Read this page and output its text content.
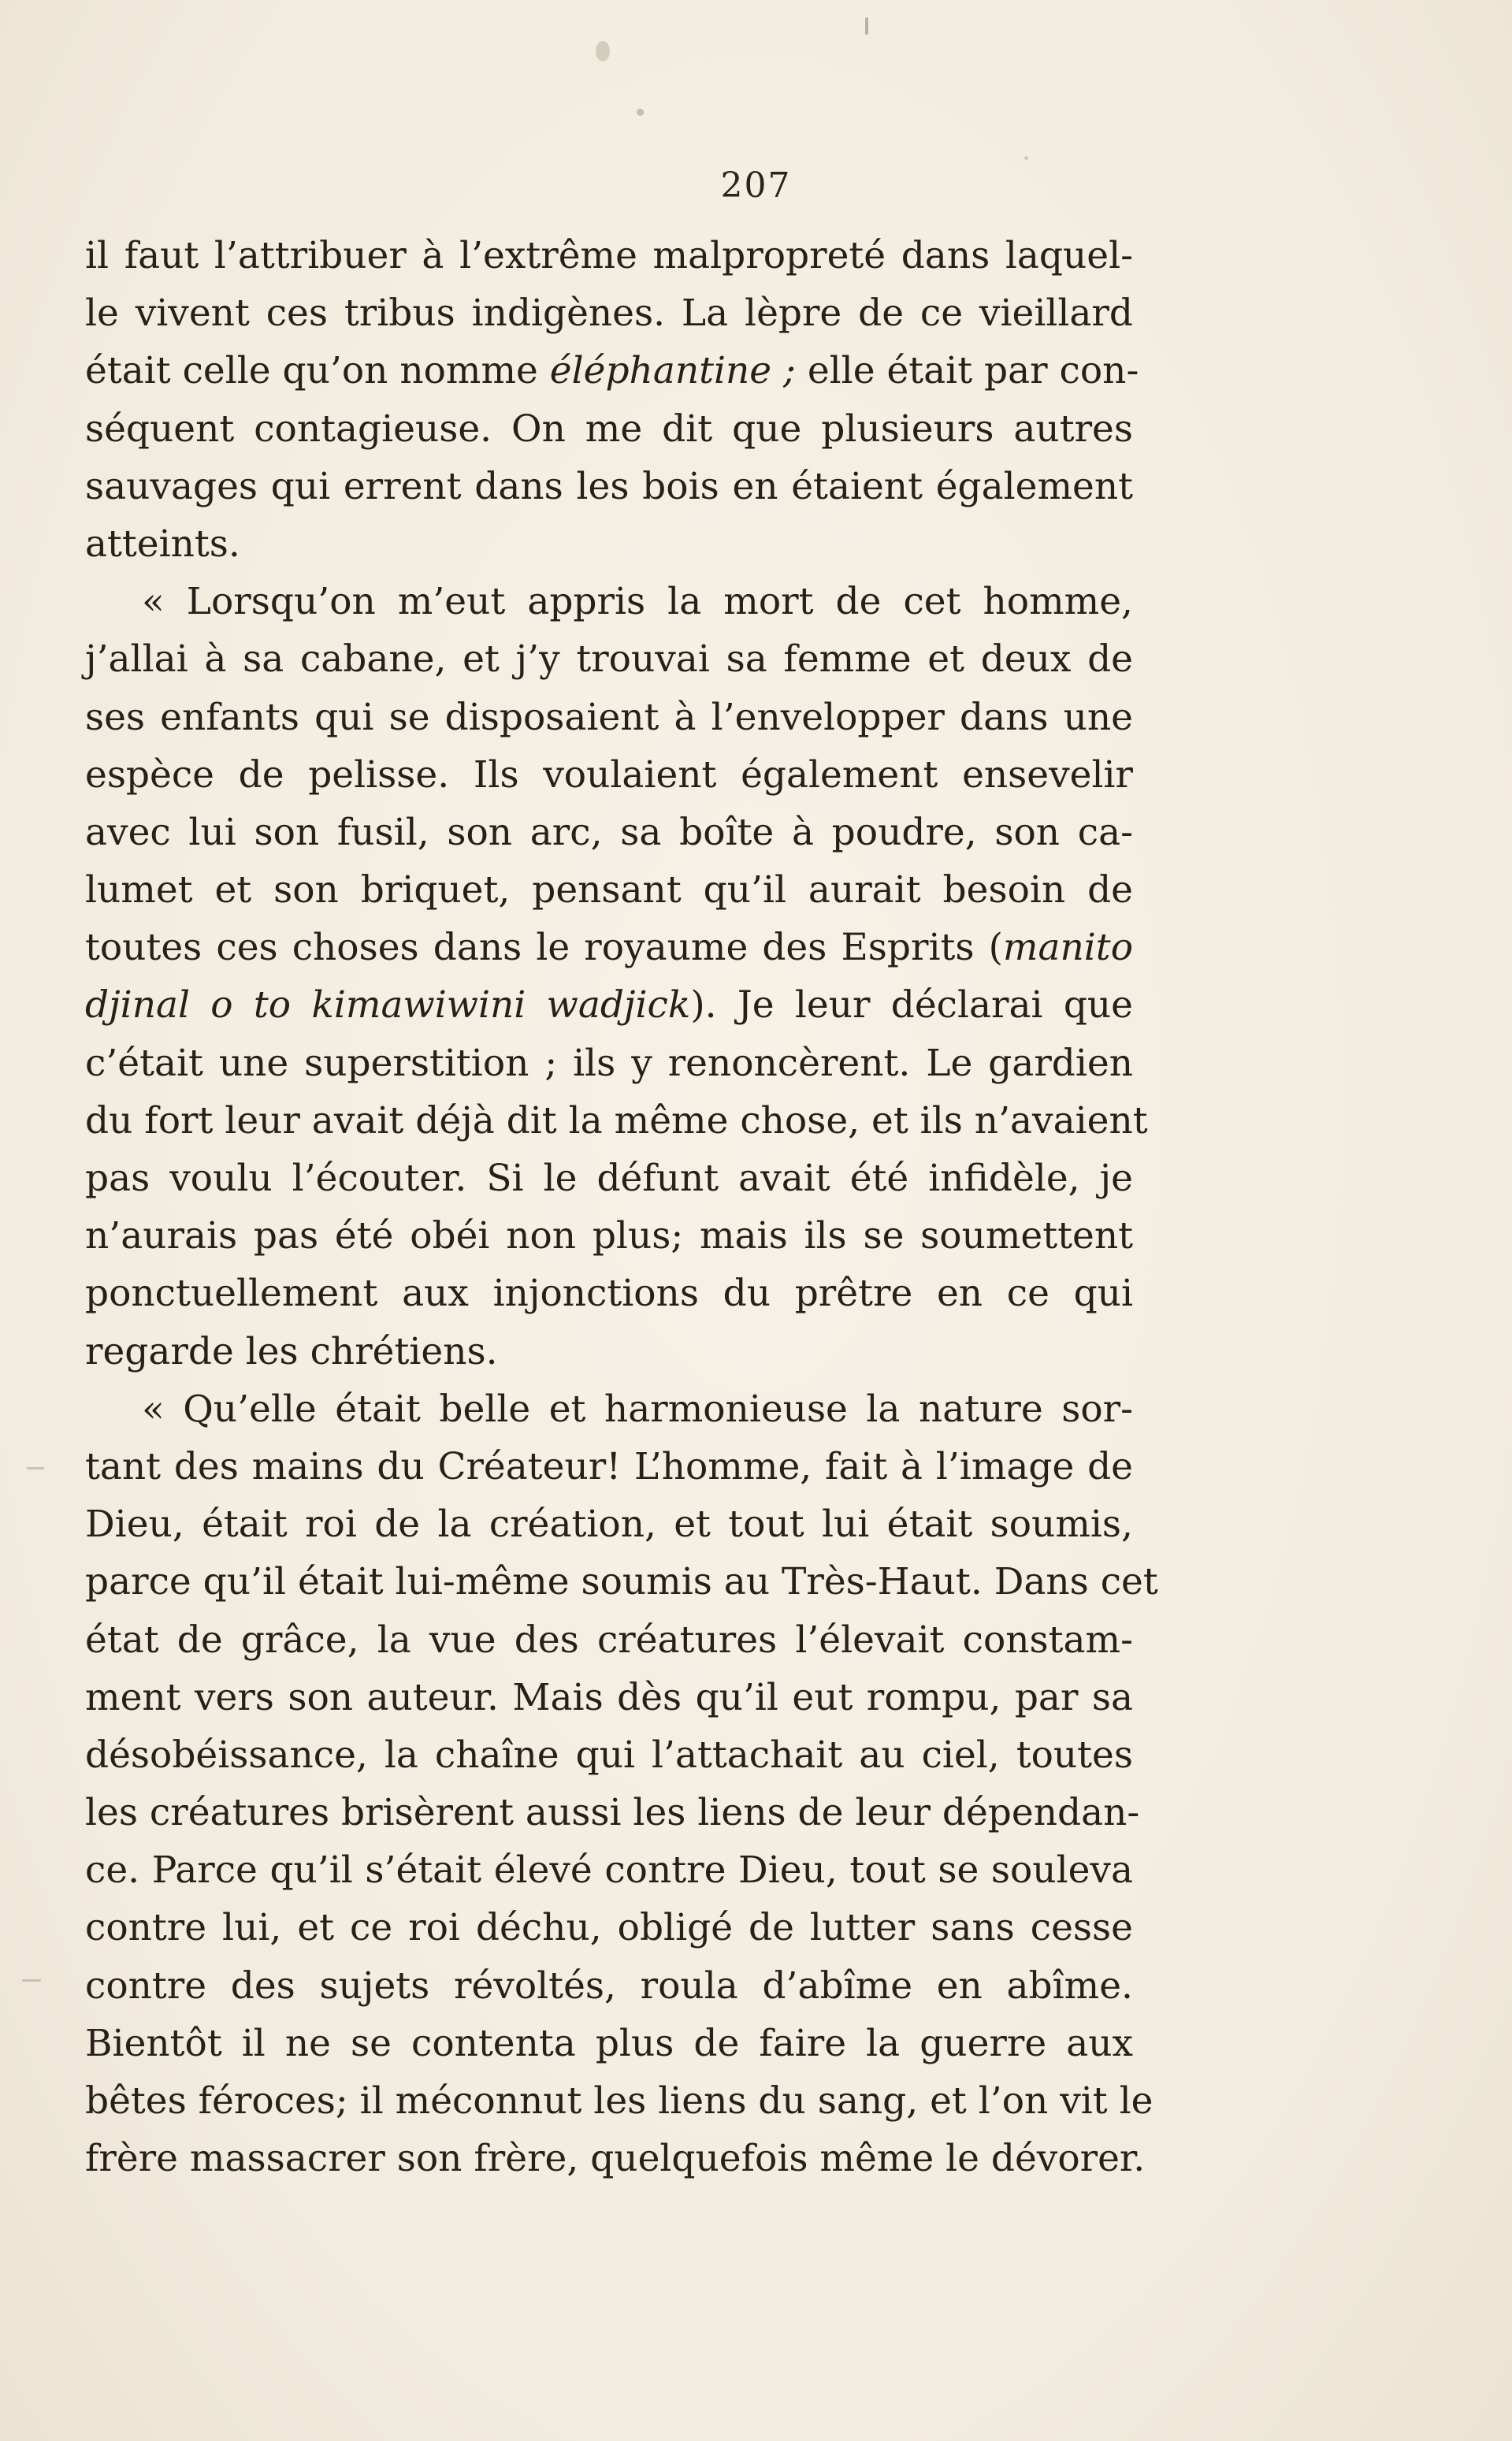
207
il faut l’attribuer à l’extrême malpropreté dans laquel-
le vivent ces tribus indigènes. La lèpre de ce vieillard
était celle qu’on nomme éléphantine ; elle était par con-
séquent contagieuse. On me dit que plusieurs autres
sauvages qui errent dans les bois en étaient également
atteints.
« Lorsqu’on m’eut appris la mort de cet homme,
j’allai à sa cabane, et j’y trouvai sa femme et deux de
ses enfants qui se disposaient à l’envelopper dans une
espèce de pelisse. Ils voulaient également ensevelir
avec lui son fusil, son arc, sa boîte à poudre, son ca-
lumet et son briquet, pensant qu’il aurait besoin de
toutes ces choses dans le royaume des Esprits (manito
djinal o to kimawiwini wadjick). Je leur déclarai que
c’était une superstition ; ils y renoncèrent. Le gardien
du fort leur avait déjà dit la même chose, et ils n’avaient
pas voulu l’écouter. Si le défunt avait été infidèle, je
n’aurais pas été obéi non plus; mais ils se soumettent
ponctuellement aux injonctions du prêtre en ce qui
regarde les chrétiens.
« Qu’elle était belle et harmonieuse la nature sor-
tant des mains du Créateur! L’homme, fait à l’image de
Dieu, était roi de la création, et tout lui était soumis,
parce qu’il était lui-même soumis au Très-Haut. Dans cet
état de grâce, la vue des créatures l’élevait constam-
ment vers son auteur. Mais dès qu’il eut rompu, par sa
désobéissance, la chaîne qui l’attachait au ciel, toutes
les créatures brisèrent aussi les liens de leur dépendan-
ce. Parce qu’il s’était élevé contre Dieu, tout se souleva
contre lui, et ce roi déchu, obligé de lutter sans cesse
contre des sujets révoltés, roula d’abîme en abîme.
Bientôt il ne se contenta plus de faire la guerre aux
bêtes féroces; il méconnut les liens du sang, et l’on vit le
frère massacrer son frère, quelquefois même le dévorer.
